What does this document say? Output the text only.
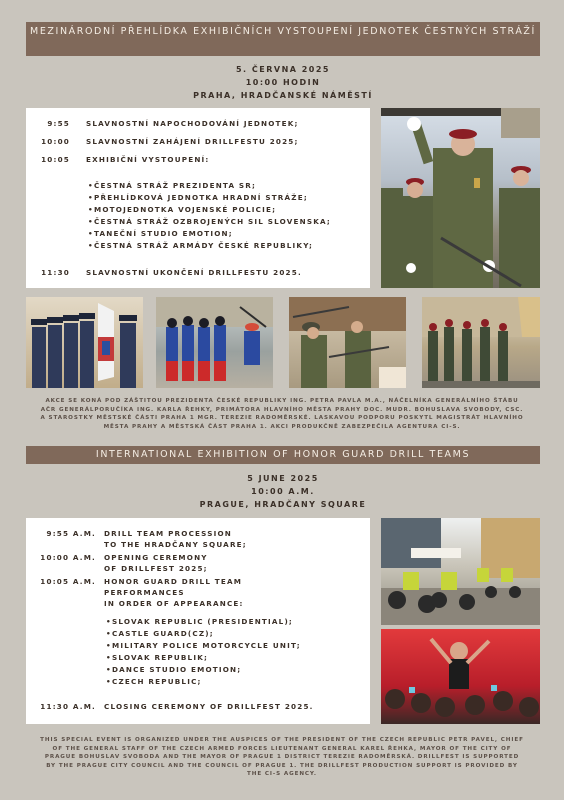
MEZINÁRODNÍ PŘEHLÍDKA EXHIBIČNÍCH VYSTOUPENÍ JEDNOTEK ČESTNÝCH STRÁŽÍ
5. ČERVNA 2025
10:00 HODIN
PRAHA, HRADČANSKÉ NÁMĚSTÍ
9:55 SLAVNOSTNÍ NAPOCHODOVÁNÍ JEDNOTEK;
10:00 SLAVNOSTNÍ ZAHÁJENÍ DRILLFESTU 2025;
10:05 EXHIBIČNÍ VYSTOUPENÍ:
•ČESTNÁ STRÁŽ PREZIDENTA SR;
•PŘEHLÍDKOVÁ JEDNOTKA HRADNÍ STRÁŽE;
•MOTOJEDNOTKA VOJENSKÉ POLICIE;
•ČESTNÁ STRÁŽ OZBROJENÝCH SIL SLOVENSKA;
•TANEČNÍ STUDIO EMOTION;
•ČESTNÁ STRÁŽ ARMÁDY ČESKÉ REPUBLIKY;
11:30 SLAVNOSTNÍ UKONČENÍ DRILLFESTU 2025.
AKCE SE KONÁ POD ZÁŠTITOU PREZIDENTA ČESKÉ REPUBLIKY ING. PETRA PAVLA M.A., NÁČELNÍKA GENERÁLNÍHO ŠTÁBU AČR GENERÁLPORUČÍKA ING. KARLA ŘEHKY, PRIMÁTORA HLAVNÍHO MĚSTA PRAHY DOC. MUDR. BOHUSLAVA SVOBODY, CSC. A STAROSTKY MĚSTSKÉ ČÁSTI PRAHA 1 MGR. TEREZIE RADOMĚRSKÉ. LASKAVOU PODPORU POSKYTL MAGISTRÁT HLAVNÍHO MĚSTA PRAHY A MĚSTSKÁ ČÁST PRAHA 1. AKCI PRODUKČNĚ ZABEZPEČILA AGENTURA CI-S.
INTERNATIONAL EXHIBITION OF HONOR GUARD DRILL TEAMS
5 JUNE 2025
10:00 A.M.
PRAGUE, HRADČANY SQUARE
9:55 A.M. DRILL TEAM PROCESSION
TO THE HRADČANY SQUARE;
10:00 A.M. OPENING CEREMONY
OF DRILLFEST 2025;
10:05 A.M. HONOR GUARD DRILL TEAM
PERFORMANCES
IN ORDER OF APPEARANCE:
•SLOVAK REPUBLIC (PRESIDENTIAL);
•CASTLE GUARD(CZ);
•MILITARY POLICE MOTORCYCLE UNIT;
•SLOVAK REPUBLIK;
•DANCE STUDIO EMOTION;
•CZECH REPUBLIC;
11:30 A.M. CLOSING CEREMONY OF DRILLFEST 2025.
THIS SPECIAL EVENT IS ORGANIZED UNDER THE AUSPICES OF THE PRESIDENT OF THE CZECH REPUBLIC PETR PAVEL, CHIEF OF THE GENERAL STAFF OF THE CZECH ARMED FORCES LIEUTENANT GENERAL KAREL ŘEHKA, MAYOR OF THE CITY OF PRAGUE BOHUSLAV SVOBODA AND THE MAYOR OF PRAGUE 1 DISTRICT TEREZIE RADOMĚRSKÁ. DRILLFEST IS SUPPORTED BY THE PRAGUE CITY COUNCIL AND THE COUNCIL OF PRAGUE 1. THE DRILLFEST PRODUCTION SUPPORT IS PROVIDED BY THE CI-S AGENCY.
